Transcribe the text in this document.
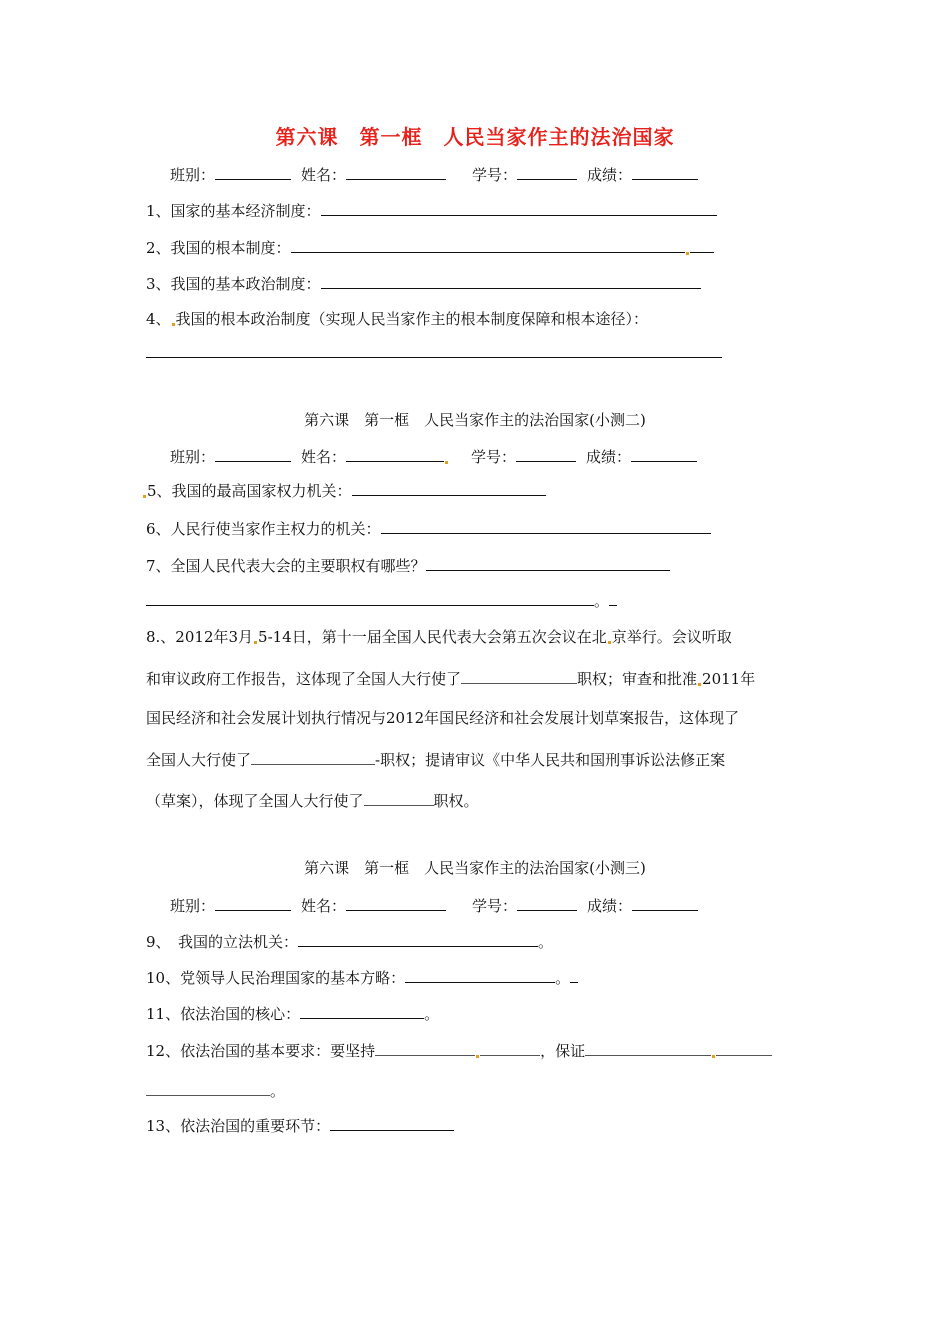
第六课　第一框　人民当家作主的法治国家
班别：	姓名：	学号：	成绩：
1、国家的基本经济制度：
2、我国的根本制度：
3、我国的基本政治制度：
4、 我国的根本政治制度（实现人民当家作主的根本制度保障和根本途径）：
第六课　第一框　人民当家作主的法治国家(小测二)
班别：	姓名：	学号：	成绩：
5、我国的最高国家权力机关：
6、人民行使当家作主权力的机关：
7、全国人民代表大会的主要职权有哪些？
。
8.、2012年3月 5-14日，第十一届全国人民代表大会第五次会议在北 京举行。会议听取
和审议政府工作报告，这体现了全国人大行使了	职权；审查和批准 2011年
国民经济和社会发展计划执行情况与2012年国民经济和社会发展计划草案报告，这体现了
全国人大行使了	-职权；提请审议《中华人民共和国刑事诉讼法修正案
（草案），体现了全国人大行使了	职权。
第六课　第一框　人民当家作主的法治国家(小测三)
班别：	姓名：	学号：	成绩：
9、　我国的立法机关：	。
10、党领导人民治理国家的基本方略：	。
11、依法治国的核心：	。
12、依法治国的基本要求：要坚持	，保证
。
13、依法治国的重要环节：
